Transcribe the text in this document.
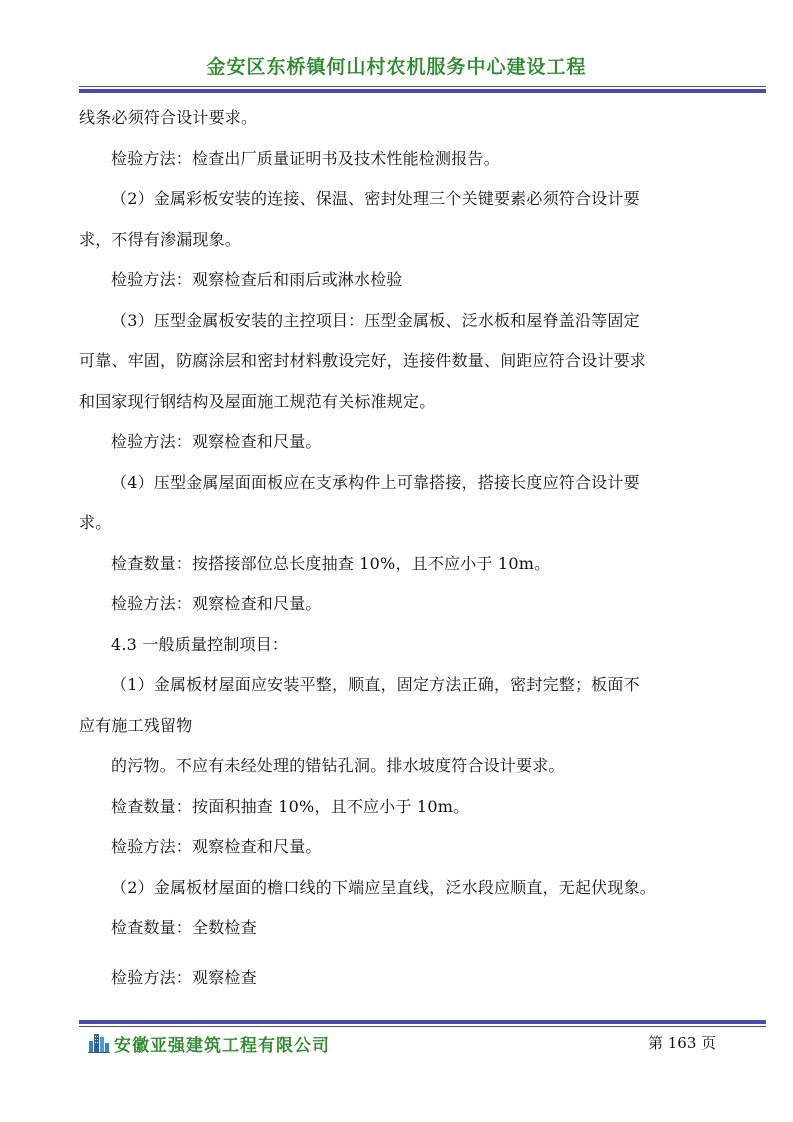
金安区东桥镇何山村农机服务中心建设工程
线条必须符合设计要求。
检验方法：检查出厂质量证明书及技术性能检测报告。
（2）金属彩板安装的连接、保温、密封处理三个关键要素必须符合设计要
求，不得有渗漏现象。
检验方法：观察检查后和雨后或淋水检验
（3）压型金属板安装的主控项目：压型金属板、泛水板和屋脊盖沿等固定
可靠、牢固，防腐涂层和密封材料敷设完好，连接件数量、间距应符合设计要求
和国家现行钢结构及屋面施工规范有关标准规定。
检验方法：观察检查和尺量。
（4）压型金属屋面面板应在支承构件上可靠搭接，搭接长度应符合设计要
求。
检查数量：按搭接部位总长度抽查 10%，且不应小于 10m。
检验方法：观察检查和尺量。
4.3 一般质量控制项目：
（1）金属板材屋面应安装平整，顺直，固定方法正确，密封完整；板面不
应有施工残留物
的污物。不应有未经处理的错钻孔洞。排水坡度符合设计要求。
检查数量：按面积抽查 10%，且不应小于 10m。
检验方法：观察检查和尺量。
（2）金属板材屋面的檐口线的下端应呈直线，泛水段应顺直，无起伏现象。
检查数量：全数检查
检验方法：观察检查
安徽亚强建筑工程有限公司	第 163 页
